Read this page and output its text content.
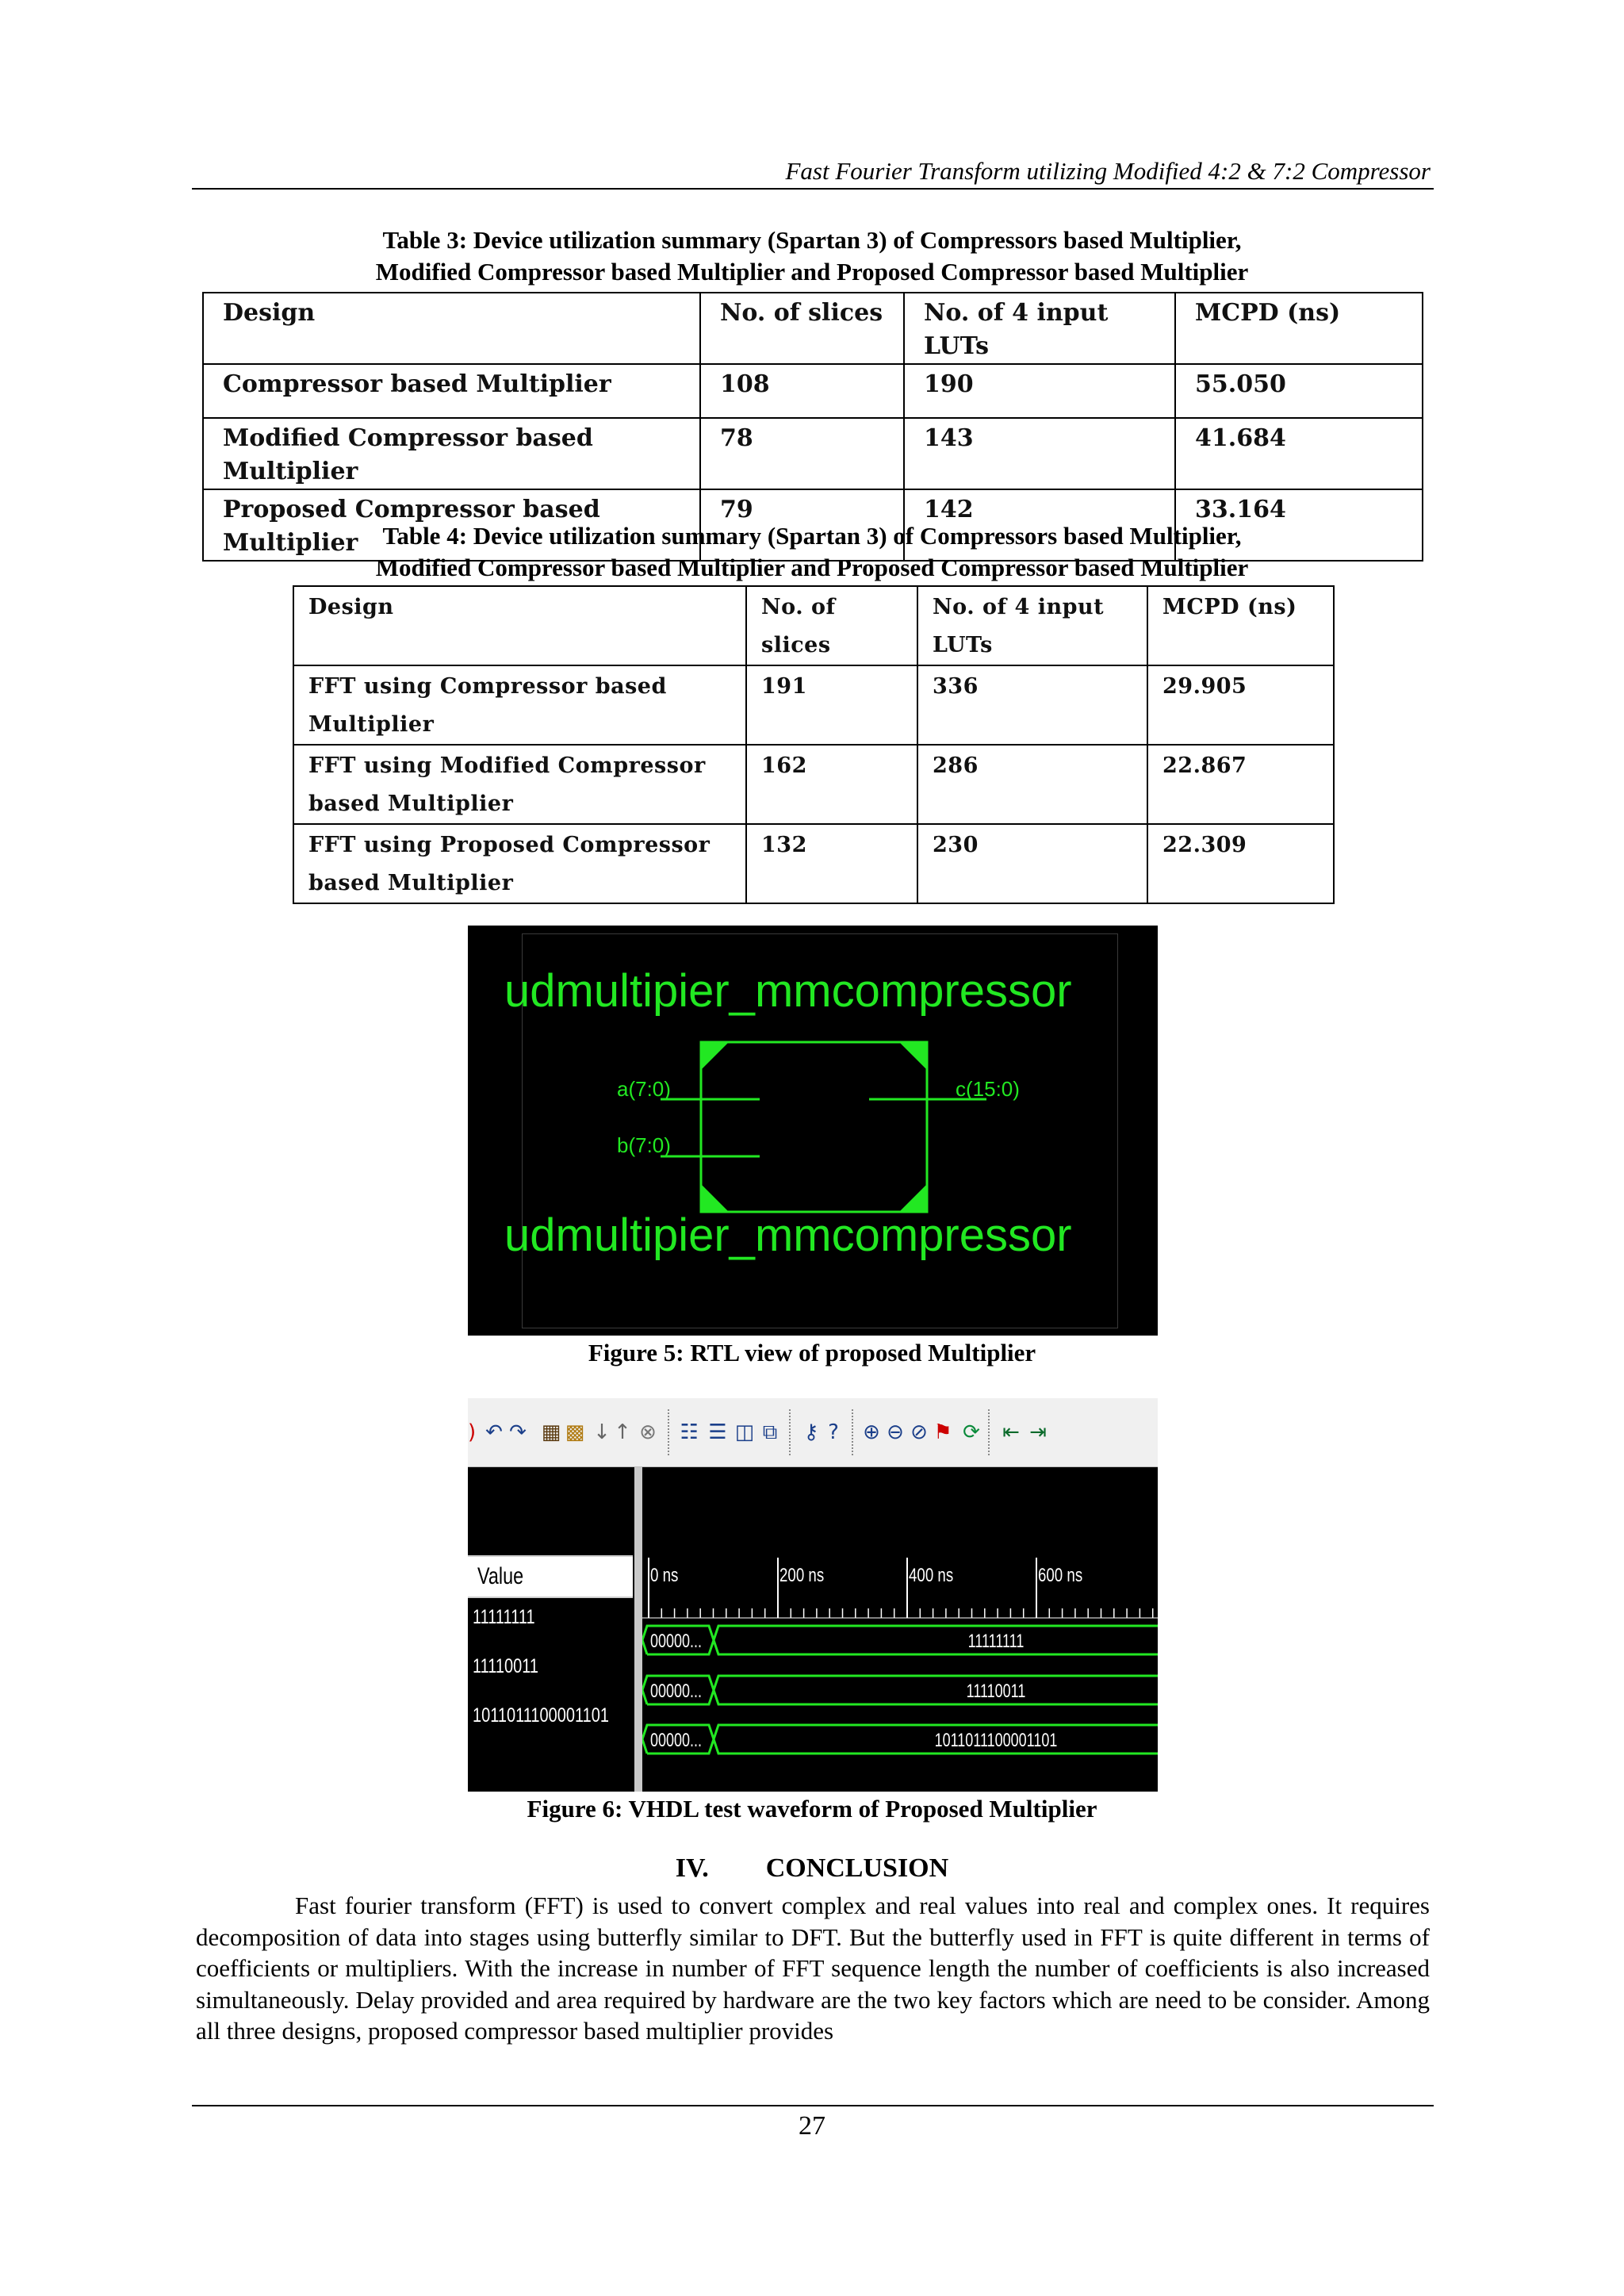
Fast Fourier Transform utilizing Modified 4:2 & 7:2 Compressor
Table 3: Device utilization summary (Spartan 3) of Compressors based Multiplier,
Modified Compressor based Multiplier and Proposed Compressor based Multiplier
Design	No. of slices	No. of 4 input LUTs	MCPD (ns)
Compressor based Multiplier	108	190	55.050
Modified Compressor based Multiplier	78	143	41.684
Proposed Compressor based Multiplier	79	142	33.164
Table 4: Device utilization summary (Spartan 3) of Compressors based Multiplier,
Modified Compressor based Multiplier and Proposed Compressor based Multiplier
Design	No. of slices	No. of 4 input LUTs	MCPD (ns)
FFT using Compressor based Multiplier	191	336	29.905
FFT using Modified Compressor based Multiplier	162	286	22.867
FFT using Proposed Compressor based Multiplier	132	230	22.309
udmultipier_mmcompressor
a(7:0)
b(7:0)
c(15:0)
udmultipier_mmcompressor
Figure 5: RTL view of proposed Multiplier
) ↶ ↷ ▦ ▩ ↓ ↑ ⊗ ☷ ☰ ◫ ⧉ ⚷ ?	⊕ ⊖ ⊘ ⚑ ⟳ ⇤ ⇥
Value
11111111
11110011
1011011100001101
0 ns	200 ns	400 ns	600 ns
00000...	11111111
00000...	11110011
00000...	1011011100001101
Figure 6: VHDL test waveform of Proposed Multiplier
IV. CONCLUSION
Fast fourier transform (FFT) is used to convert complex and real values into real and complex ones. It requires decomposition of data into stages using butterfly similar to DFT. But the butterfly used in FFT is quite different in terms of coefficients or multipliers. With the increase in number of FFT sequence length the number of coefficients is also increased simultaneously. Delay provided and area required by hardware are the two key factors which are need to be consider. Among all three designs, proposed compressor based multiplier provides
27
